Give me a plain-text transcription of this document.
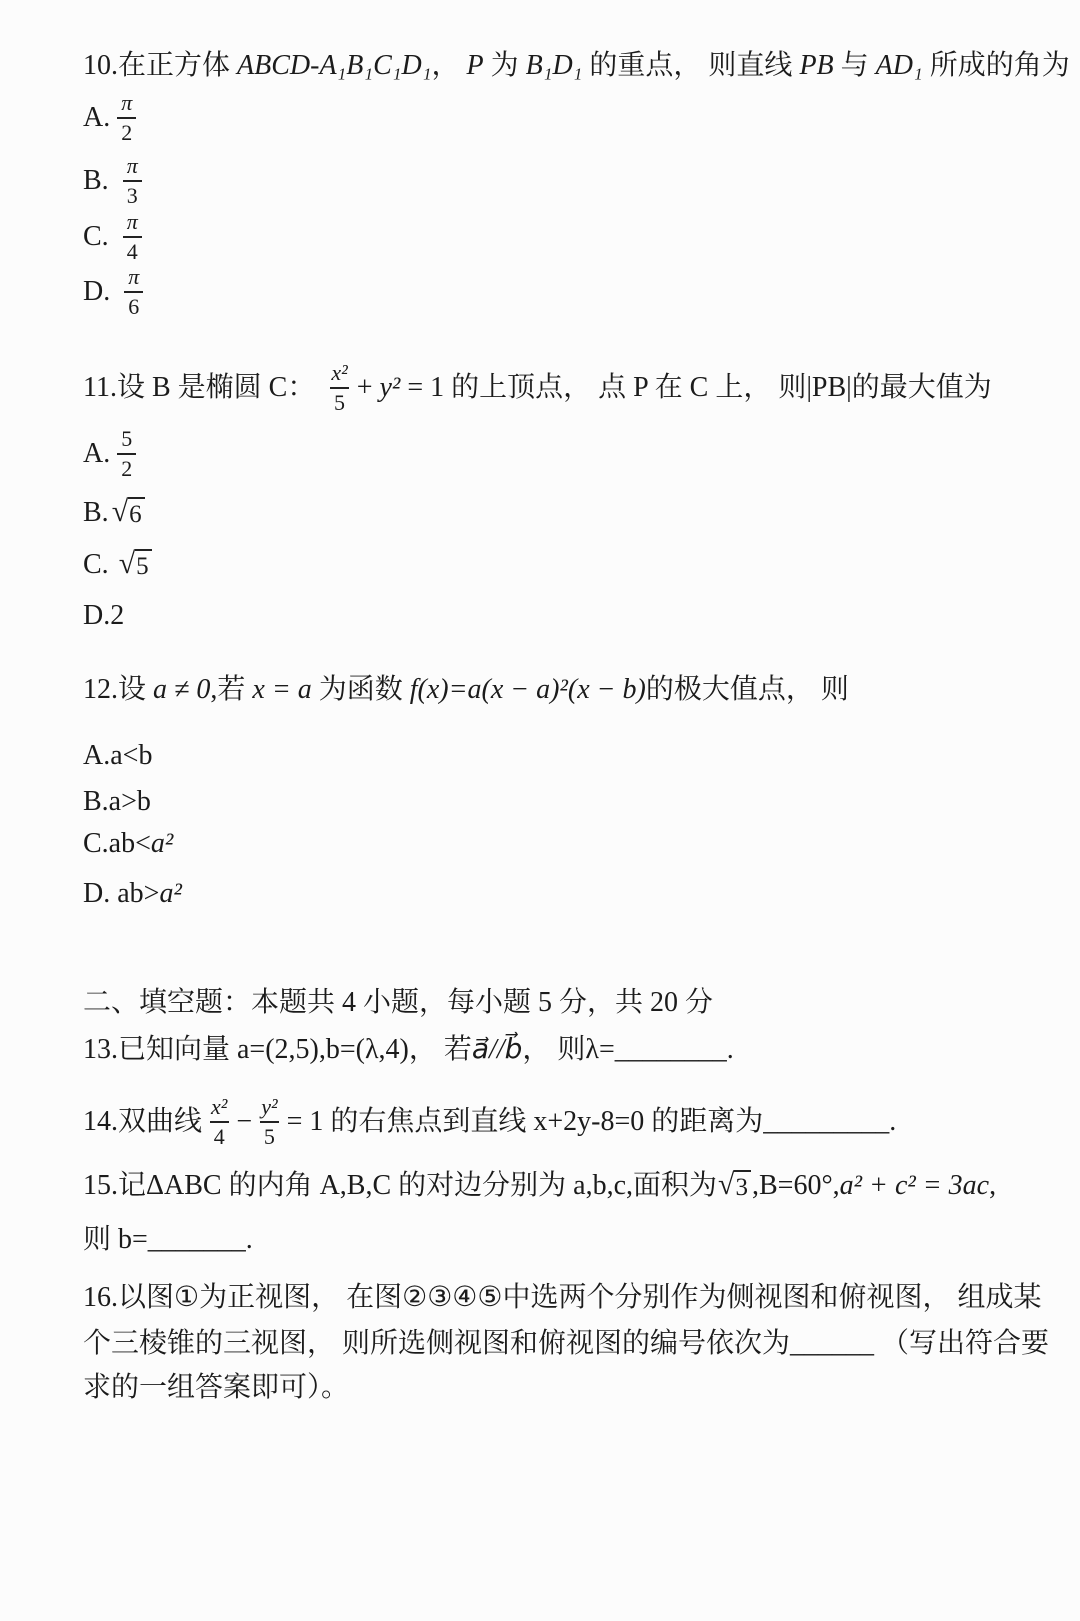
10.在正方体 ABCD-A₁B₁C₁D₁ ， P 为 B₁D₁ 的重点， 则直线 PB 与 AD₁ 所成的角为
A. $\frac{\pi}{2}$
B. $\frac{\pi}{3}$
C. $\frac{\pi}{4}$
D. $\frac{\pi}{6}$
11.设 B 是椭圆 C： $\frac{\text{x²}}{5} + y^2 = 1$ 的上顶点， 点 P 在 C 上， 则|PB|的最大值为
A. $\frac{5}{2}$
B. √ 6
C. √ 5
D.2
12.设 a ≠ 0 ,若 x = a 为函数 f(x)=a (x − a)²(x − b) 的极大值点， 则
A.a<b
B.a>b
C.ab< a²
D. ab> a²
二、填空题：本题共 4 小题，每小题 5 分，共 20 分
13.已知向量 a=(2,5),b=(λ,4)， 若 a⃗//b⃗ ， 则λ= ________ .
14.双曲线 $\frac{\text{x²}}{4} - \frac{\text{y²}}{5} = 1$ 的右焦点到直线 x+2y-8=0 的距离为 _________ .
15.记ΔABC 的内角 A,B,C 的对边分别为 a,b,c,面积为 √ 3 ,B=60°, a² + c² = 3ac ,
则 b= _______ .
16.以图①为正视图， 在图②③④⑤中选两个分别作为侧视图和俯视图， 组成某
个三棱锥的三视图， 则所选侧视图和俯视图的编号依次为 ______ （写出符合要
求的一组答案即可）。
